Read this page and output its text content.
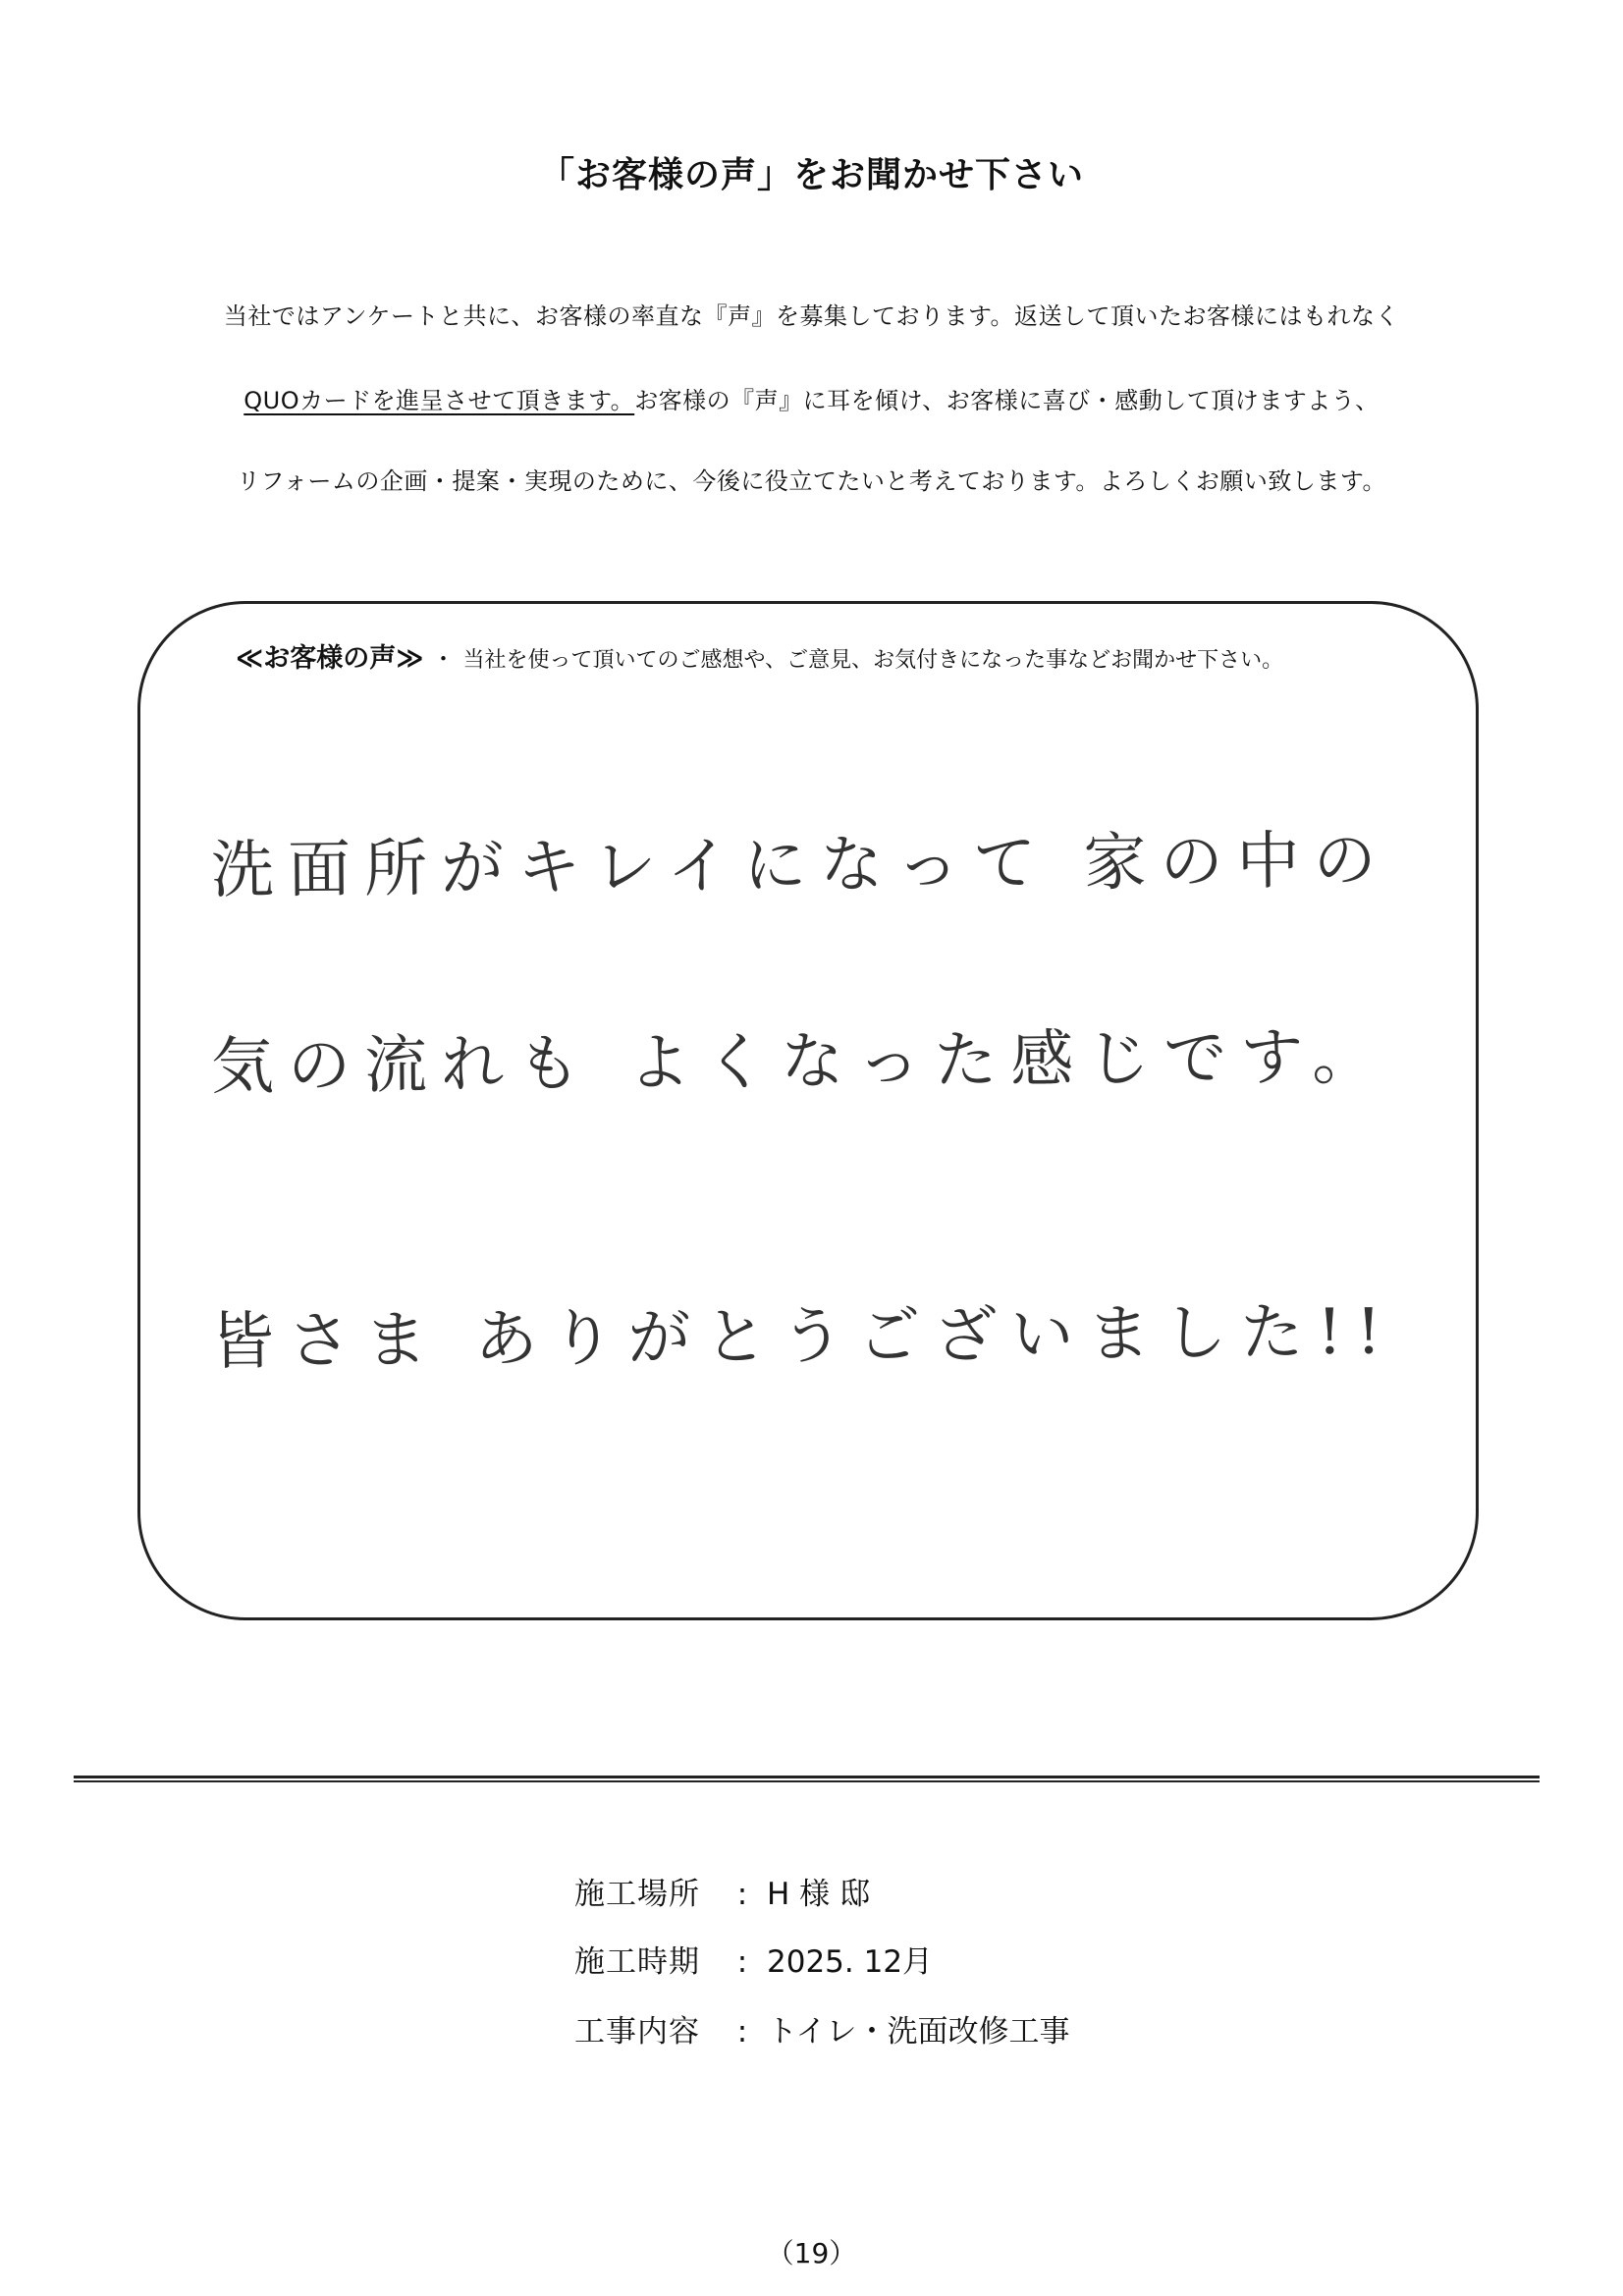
「お客様の声」をお聞かせ下さい
当社ではアンケートと共に、お客様の率直な『声』を募集しております。返送して頂いたお客様にはもれなく
QUOカードを進呈させて頂きます。お客様の『声』に耳を傾け、お客様に喜び・感動して頂けますよう、
リフォームの企画・提案・実現のために、今後に役立てたいと考えております。よろしくお願い致します。
≪お客様の声≫ ・ 当社を使って頂いてのご感想や、ご意見、お気付きになった事などお聞かせ下さい。
洗面所がキレイになって 家の中の
気の流れも よくなった感じです。
皆さま ありがとうございました!!
施工場所 : H 様 邸
施工時期 : 2025. 12月
工事内容 : トイレ・洗面改修工事
（19）
